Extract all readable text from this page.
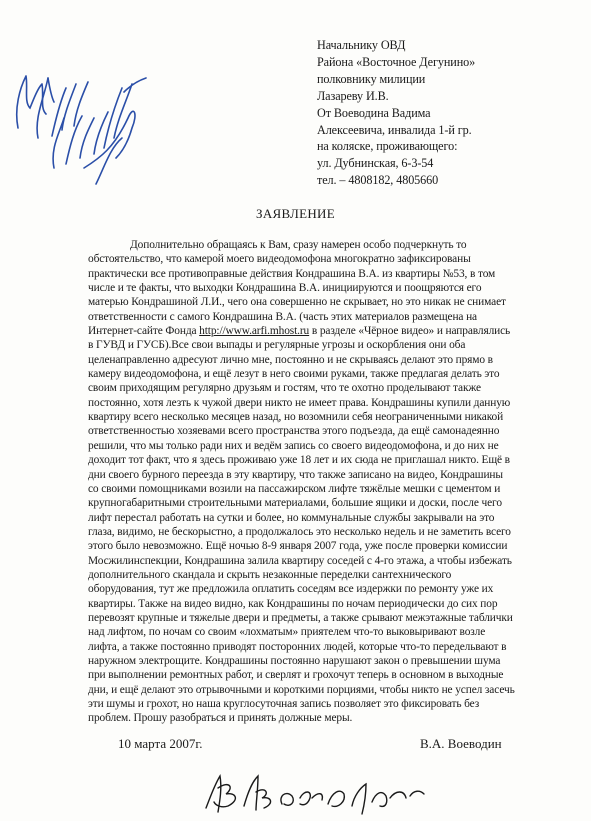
Начальнику ОВД
Района «Восточное Дегунино»
полковнику милиции
Лазареву И.В.
От Воеводина Вадима
Алексеевича, инвалида 1-й гр.
на коляске, проживающего:
ул. Дубнинская, 6-3-54
тел. – 4808182, 4805660
ЗАЯВЛЕНИЕ
Дополнительно обращаясь к Вам, сразу намерен особо подчеркнуть то
обстоятельство, что камерой моего видеодомофона многократно зафиксированы
практически все противоправные действия Кондрашина В.А. из квартиры №53, в том
числе и те факты, что выходки Кондрашина В.А. инициируются и поощряются его
матерью Кондрашиной Л.И., чего она совершенно не скрывает, но это никак не снимает
ответственности с самого Кондрашина В.А. (часть этих материалов размещена на
Интернет-сайте Фонда http://www.arfi.mhost.ru в разделе «Чёрное видео» и направлялись
в ГУВД и ГУСБ).Все свои выпады и регулярные угрозы и оскорбления они оба
целенаправленно адресуют лично мне, постоянно и не скрываясь делают это прямо в
камеру видеодомофона, и ещё лезут в него своими руками, также предлагая делать это
своим приходящим регулярно друзьям и гостям, что те охотно проделывают также
постоянно, хотя лезть к чужой двери никто не имеет права. Кондрашины купили данную
квартиру всего несколько месяцев назад, но возомнили себя неограниченными никакой
ответственностью хозяевами всего пространства этого подъезда, да ещё самонадеянно
решили, что мы только ради них и ведём запись со своего видеодомофона, и до них не
доходит тот факт, что я здесь проживаю уже 18 лет и их сюда не приглашал никто. Ещё в
дни своего бурного переезда в эту квартиру, что также записано на видео, Кондрашины
со своими помощниками возили на пассажирском лифте тяжёлые мешки с цементом и
крупногабаритными строительными материалами, большие ящики и доски, после чего
лифт перестал работать на сутки и более, но коммунальные службы закрывали на это
глаза, видимо, не бескорыстно, а продолжалось это несколько недель и не заметить всего
этого было невозможно. Ещё ночью 8-9 января 2007 года, уже после проверки комиссии
Мосжилинспекции, Кондрашина залила квартиру соседей с 4-го этажа, а чтобы избежать
дополнительного скандала и скрыть незаконные переделки сантехнического
оборудования, тут же предложила оплатить соседям все издержки по ремонту уже их
квартиры. Также на видео видно, как Кондрашины по ночам периодически до сих пор
перевозят крупные и тяжелые двери и предметы, а также срывают межэтажные таблички
над лифтом, по ночам со своим «лохматым» приятелем что-то выковыривают возле
лифта, а также постоянно приводят посторонних людей, которые что-то передельвают в
наружном электрощите. Кондрашины постоянно нарушают закон о превышении шума
при выполнении ремонтных работ, и сверлят и грохочут теперь в основном в выходные
дни, и ещё делают это отрывочными и короткими порциями, чтобы никто не успел засечь
эти шумы и грохот, но наша круглосуточная запись позволяет это фиксировать без
проблем. Прошу разобраться и принять должные меры.
10 марта 2007г.	В.А. Воеводин
